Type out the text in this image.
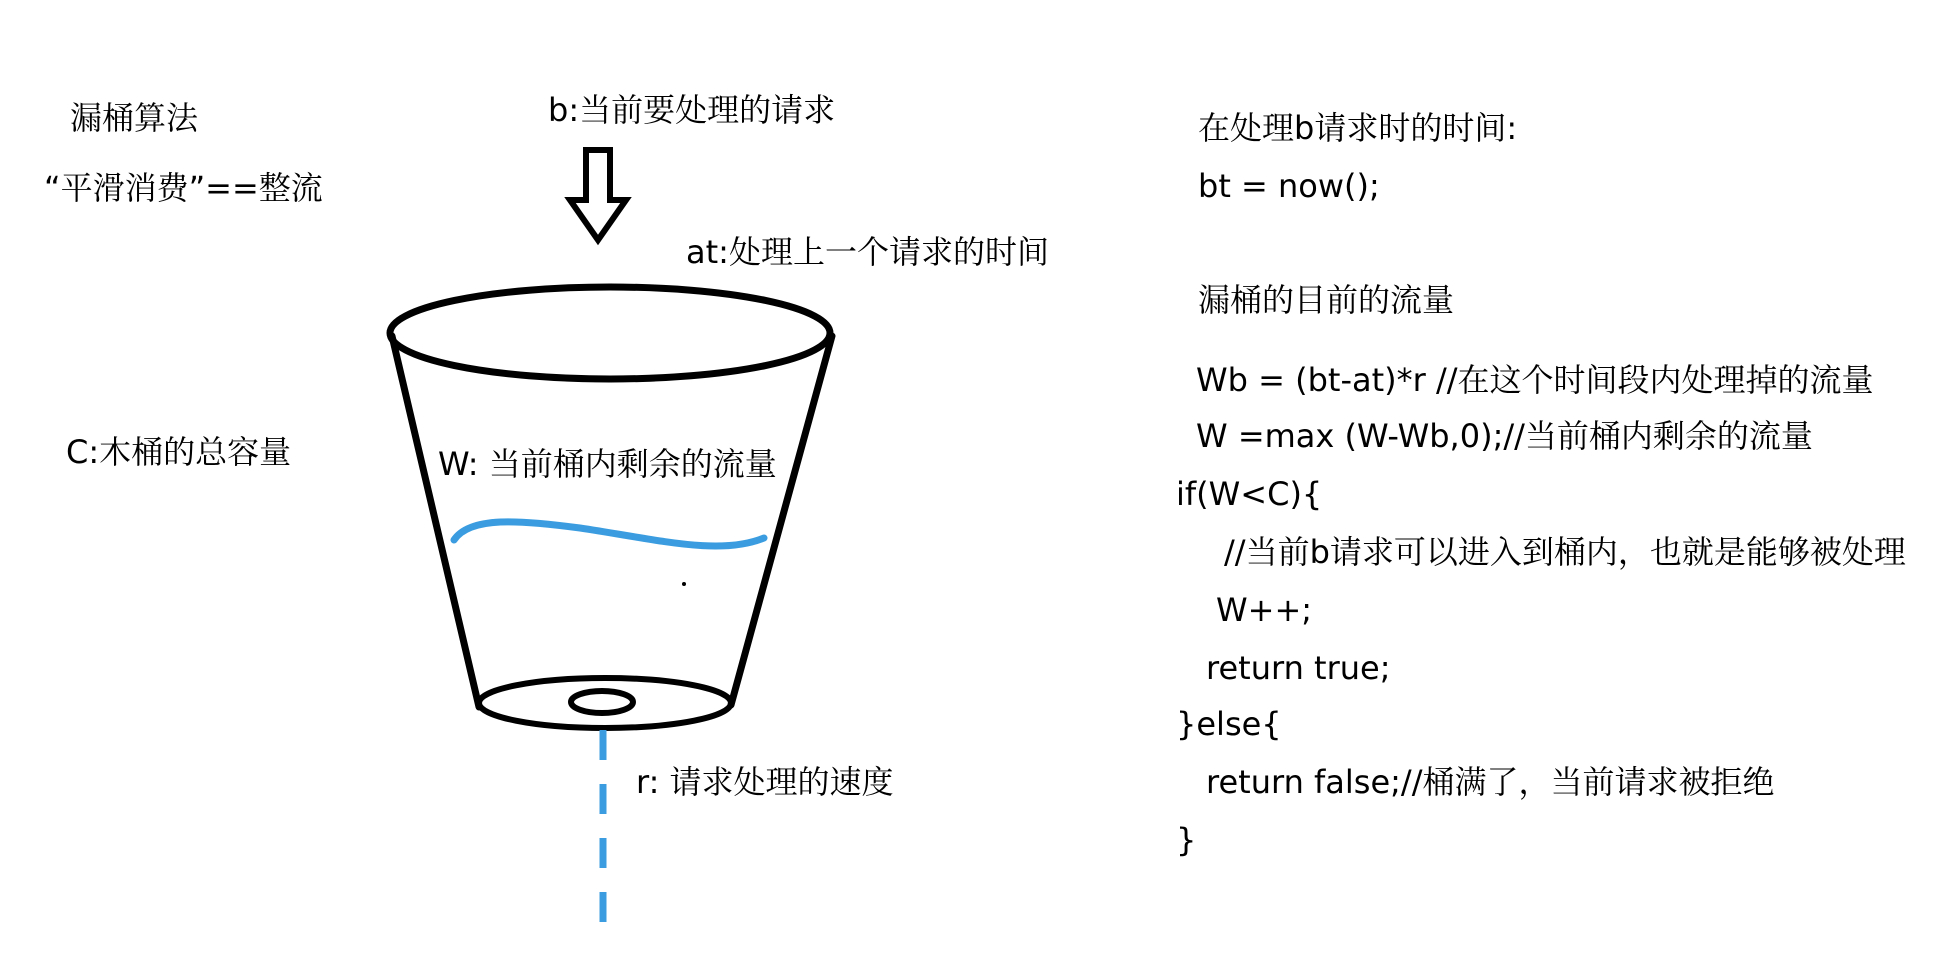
漏桶算法
“平滑消费”==整流
C:木桶的总容量
b:当前要处理的请求
at:处理上一个请求的时间
W: 当前桶内剩余的流量
r: 请求处理的速度
在处理b请求时的时间:
bt = now();
漏桶的目前的流量
Wb = (bt-at)*r //在这个时间段内处理掉的流量
W =max (W-Wb,0);//当前桶内剩余的流量
if(W<C){
//当前b请求可以进入到桶内，也就是能够被处理
W++;
return true;
}else{
return false;//桶满了，当前请求被拒绝
}
